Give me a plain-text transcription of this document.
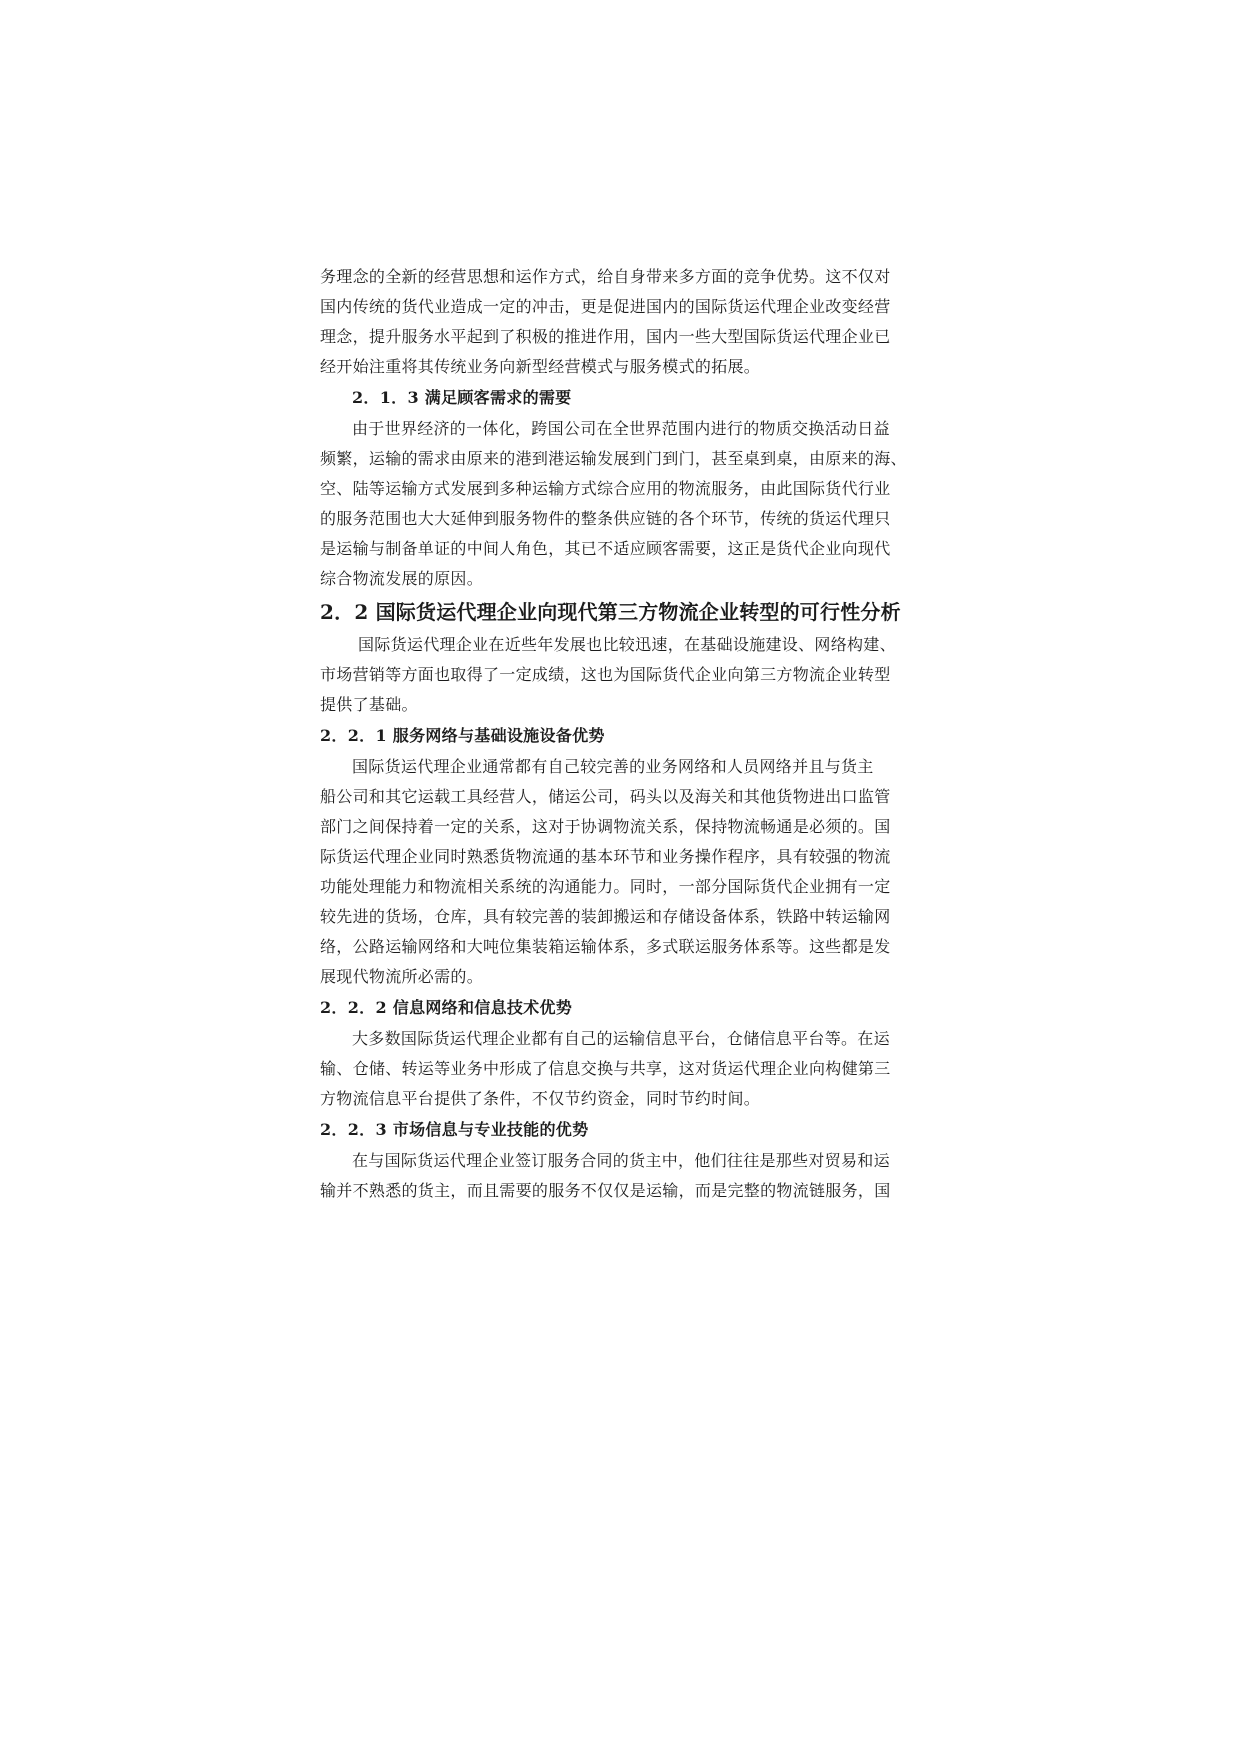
务理念的全新的经营思想和运作方式，给自身带来多方面的竞争优势。这不仅对
国内传统的货代业造成一定的冲击，更是促进国内的国际货运代理企业改变经营
理念，提升服务水平起到了积极的推进作用，国内一些大型国际货运代理企业已
经开始注重将其传统业务向新型经营模式与服务模式的拓展。
2．1．3 满足顾客需求的需要
由于世界经济的一体化，跨国公司在全世界范围内进行的物质交换活动日益
频繁，运输的需求由原来的港到港运输发展到门到门，甚至桌到桌，由原来的海、
空、陆等运输方式发展到多种运输方式综合应用的物流服务，由此国际货代行业
的服务范围也大大延伸到服务物件的整条供应链的各个环节，传统的货运代理只
是运输与制备单证的中间人角色，其已不适应顾客需要，这正是货代企业向现代
综合物流发展的原因。
2．2 国际货运代理企业向现代第三方物流企业转型的可行性分析
国际货运代理企业在近些年发展也比较迅速，在基础设施建设、网络构建、
市场营销等方面也取得了一定成绩，这也为国际货代企业向第三方物流企业转型
提供了基础。
2．2．1 服务网络与基础设施设备优势
国际货运代理企业通常都有自己较完善的业务网络和人员网络并且与货主
船公司和其它运载工具经营人，储运公司，码头以及海关和其他货物进出口监管
部门之间保持着一定的关系，这对于协调物流关系，保持物流畅通是必须的。国
际货运代理企业同时熟悉货物流通的基本环节和业务操作程序，具有较强的物流
功能处理能力和物流相关系统的沟通能力。同时，一部分国际货代企业拥有一定
较先进的货场，仓库，具有较完善的装卸搬运和存储设备体系，铁路中转运输网
络，公路运输网络和大吨位集装箱运输体系，多式联运服务体系等。这些都是发
展现代物流所必需的。
2．2．2 信息网络和信息技术优势
大多数国际货运代理企业都有自己的运输信息平台，仓储信息平台等。在运
输、仓储、转运等业务中形成了信息交换与共享，这对货运代理企业向构健第三
方物流信息平台提供了条件，不仅节约资金，同时节约时间。
2．2．3 市场信息与专业技能的优势
在与国际货运代理企业签订服务合同的货主中，他们往往是那些对贸易和运
输并不熟悉的货主，而且需要的服务不仅仅是运输，而是完整的物流链服务，国
